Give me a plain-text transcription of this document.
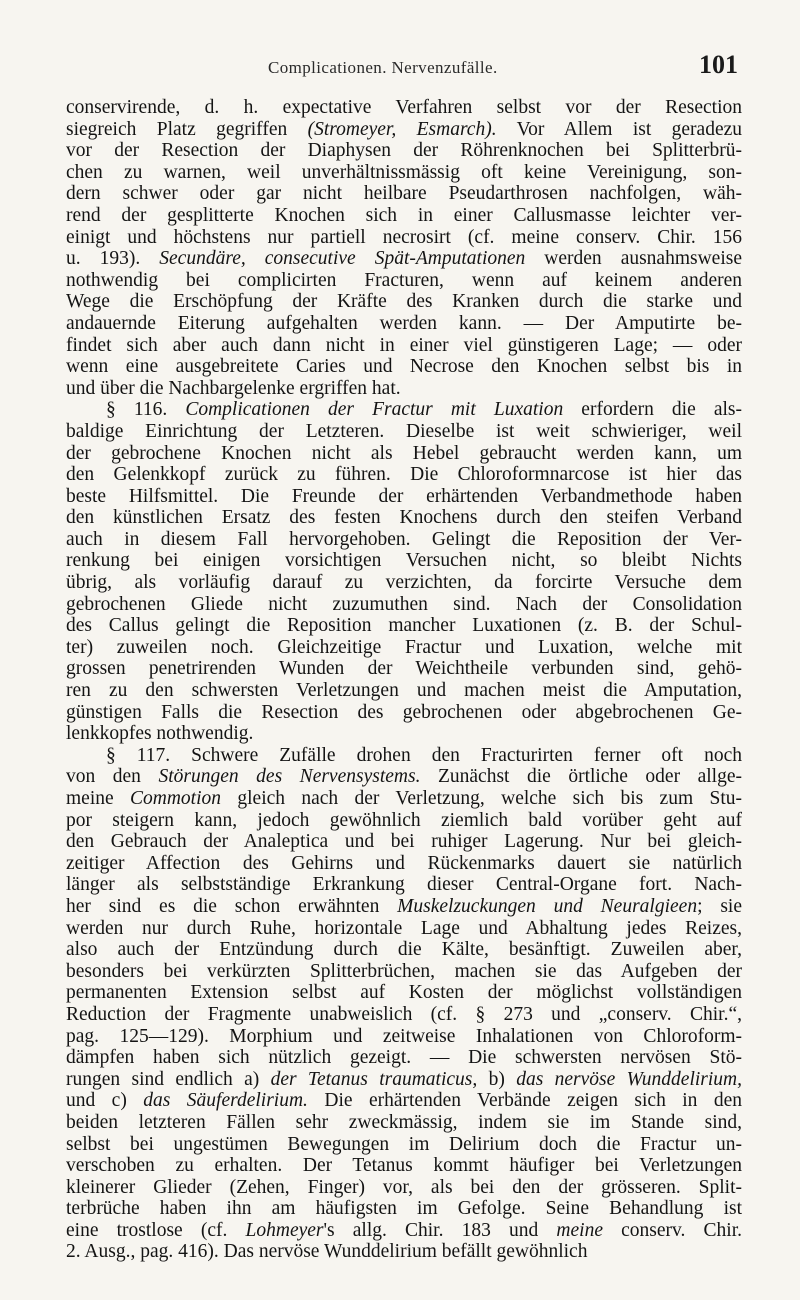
Complicationen. Nervenzufälle.	101
conservirende, d. h. expectative Verfahren selbst vor der Resection
siegreich Platz gegriffen (Stromeyer, Esmarch). Vor Allem ist geradezu
vor der Resection der Diaphysen der Röhrenknochen bei Splitterbrü-
chen zu warnen, weil unverhältnissmässig oft keine Vereinigung, son-
dern schwer oder gar nicht heilbare Pseudarthrosen nachfolgen, wäh-
rend der gesplitterte Knochen sich in einer Callusmasse leichter ver-
einigt und höchstens nur partiell necrosirt (cf. meine conserv. Chir. 156
u. 193). Secundäre, consecutive Spät-Amputationen werden ausnahmsweise
nothwendig bei complicirten Fracturen, wenn auf keinem anderen
Wege die Erschöpfung der Kräfte des Kranken durch die starke und
andauernde Eiterung aufgehalten werden kann. — Der Amputirte be-
findet sich aber auch dann nicht in einer viel günstigeren Lage; — oder
wenn eine ausgebreitete Caries und Necrose den Knochen selbst bis in
und über die Nachbargelenke ergriffen hat.
§ 116. Complicationen der Fractur mit Luxation erfordern die als-
baldige Einrichtung der Letzteren. Dieselbe ist weit schwieriger, weil
der gebrochene Knochen nicht als Hebel gebraucht werden kann, um
den Gelenkkopf zurück zu führen. Die Chloroformnarcose ist hier das
beste Hilfsmittel. Die Freunde der erhärtenden Verbandmethode haben
den künstlichen Ersatz des festen Knochens durch den steifen Verband
auch in diesem Fall hervorgehoben. Gelingt die Reposition der Ver-
renkung bei einigen vorsichtigen Versuchen nicht, so bleibt Nichts
übrig, als vorläufig darauf zu verzichten, da forcirte Versuche dem
gebrochenen Gliede nicht zuzumuthen sind. Nach der Consolidation
des Callus gelingt die Reposition mancher Luxationen (z. B. der Schul-
ter) zuweilen noch. Gleichzeitige Fractur und Luxation, welche mit
grossen penetrirenden Wunden der Weichtheile verbunden sind, gehö-
ren zu den schwersten Verletzungen und machen meist die Amputation,
günstigen Falls die Resection des gebrochenen oder abgebrochenen Ge-
lenkkopfes nothwendig.
§ 117. Schwere Zufälle drohen den Fracturirten ferner oft noch
von den Störungen des Nervensystems. Zunächst die örtliche oder allge-
meine Commotion gleich nach der Verletzung, welche sich bis zum Stu-
por steigern kann, jedoch gewöhnlich ziemlich bald vorüber geht auf
den Gebrauch der Analeptica und bei ruhiger Lagerung. Nur bei gleich-
zeitiger Affection des Gehirns und Rückenmarks dauert sie natürlich
länger als selbstständige Erkrankung dieser Central-Organe fort. Nach-
her sind es die schon erwähnten Muskelzuckungen und Neuralgieen; sie
werden nur durch Ruhe, horizontale Lage und Abhaltung jedes Reizes,
also auch der Entzündung durch die Kälte, besänftigt. Zuweilen aber,
besonders bei verkürzten Splitterbrüchen, machen sie das Aufgeben der
permanenten Extension selbst auf Kosten der möglichst vollständigen
Reduction der Fragmente unabweislich (cf. § 273 und „conserv. Chir.“,
pag. 125—129). Morphium und zeitweise Inhalationen von Chloroform-
dämpfen haben sich nützlich gezeigt. — Die schwersten nervösen Stö-
rungen sind endlich a) der Tetanus traumaticus, b) das nervöse Wunddelirium,
und c) das Säuferdelirium. Die erhärtenden Verbände zeigen sich in den
beiden letzteren Fällen sehr zweckmässig, indem sie im Stande sind,
selbst bei ungestümen Bewegungen im Delirium doch die Fractur un-
verschoben zu erhalten. Der Tetanus kommt häufiger bei Verletzungen
kleinerer Glieder (Zehen, Finger) vor, als bei den der grösseren. Split-
terbrüche haben ihn am häufigsten im Gefolge. Seine Behandlung ist
eine trostlose (cf. Lohmeyer's allg. Chir. 183 und meine conserv. Chir.
2. Ausg., pag. 416). Das nervöse Wunddelirium befällt gewöhnlich
